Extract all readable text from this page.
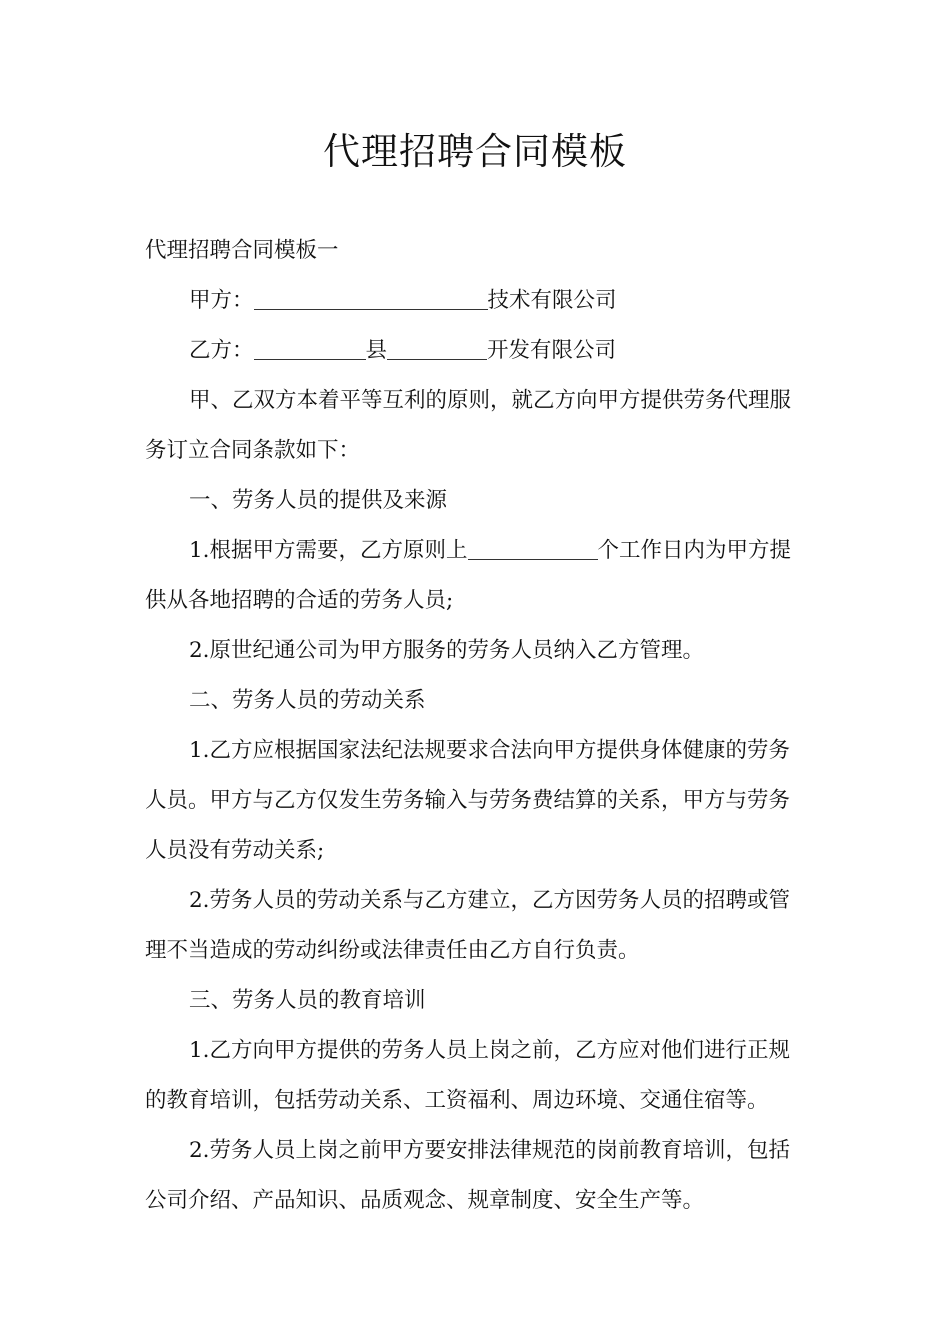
代理招聘合同模板

代理招聘合同模板一

甲方：	技术有限公司

乙方：	县	开发有限公司

甲、乙双方本着平等互利的原则，就乙方向甲方提供劳务代理服务订立合同条款如下：

一、劳务人员的提供及来源

1.根据甲方需要，乙方原则上	个工作日内为甲方提供从各地招聘的合适的劳务人员;

2.原世纪通公司为甲方服务的劳务人员纳入乙方管理。

二、劳务人员的劳动关系

1.乙方应根据国家法纪法规要求合法向甲方提供身体健康的劳务人员。甲方与乙方仅发生劳务输入与劳务费结算的关系，甲方与劳务人员没有劳动关系;

2.劳务人员的劳动关系与乙方建立，乙方因劳务人员的招聘或管理不当造成的劳动纠纷或法律责任由乙方自行负责。

三、劳务人员的教育培训

1.乙方向甲方提供的劳务人员上岗之前，乙方应对他们进行正规的教育培训，包括劳动关系、工资福利、周边环境、交通住宿等。

2.劳务人员上岗之前甲方要安排法律规范的岗前教育培训，包括公司介绍、产品知识、品质观念、规章制度、安全生产等。
